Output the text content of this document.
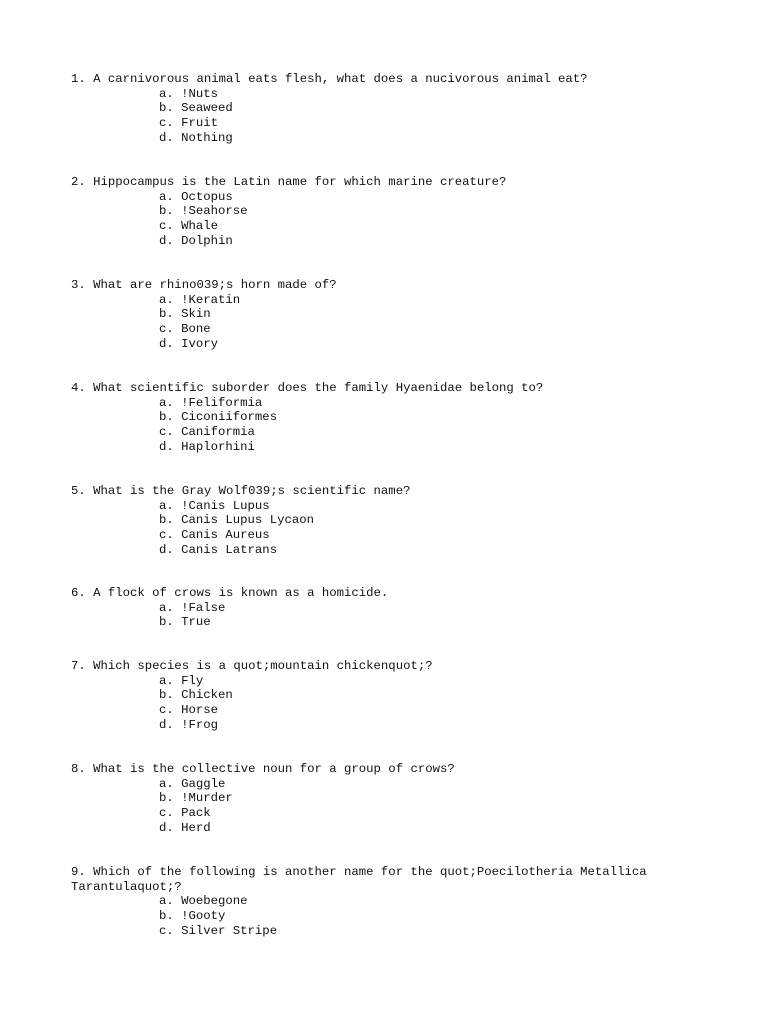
1. A carnivorous animal eats flesh, what does a nucivorous animal eat?

a. !Nuts
b. Seaweed
c. Fruit
d. Nothing

2. Hippocampus is the Latin name for which marine creature?

a. Octopus
b. !Seahorse
c. Whale
d. Dolphin

3. What are rhino039;s horn made of?

a. !Keratin
b. Skin
c. Bone
d. Ivory

4. What scientific suborder does the family Hyaenidae belong to?

a. !Feliformia
b. Ciconiiformes
c. Caniformia
d. Haplorhini

5. What is the Gray Wolf039;s scientific name?

a. !Canis Lupus
b. Canis Lupus Lycaon
c. Canis Aureus
d. Canis Latrans

6. A flock of crows is known as a homicide.

a. !False
b. True

7. Which species is a quot;mountain chickenquot;?

a. Fly
b. Chicken
c. Horse
d. !Frog

8. What is the collective noun for a group of crows?

a. Gaggle
b. !Murder
c. Pack
d. Herd

9. Which of the following is another name for the quot;Poecilotheria Metallica Tarantulaquot;?

a. Woebegone
b. !Gooty
c. Silver Stripe
